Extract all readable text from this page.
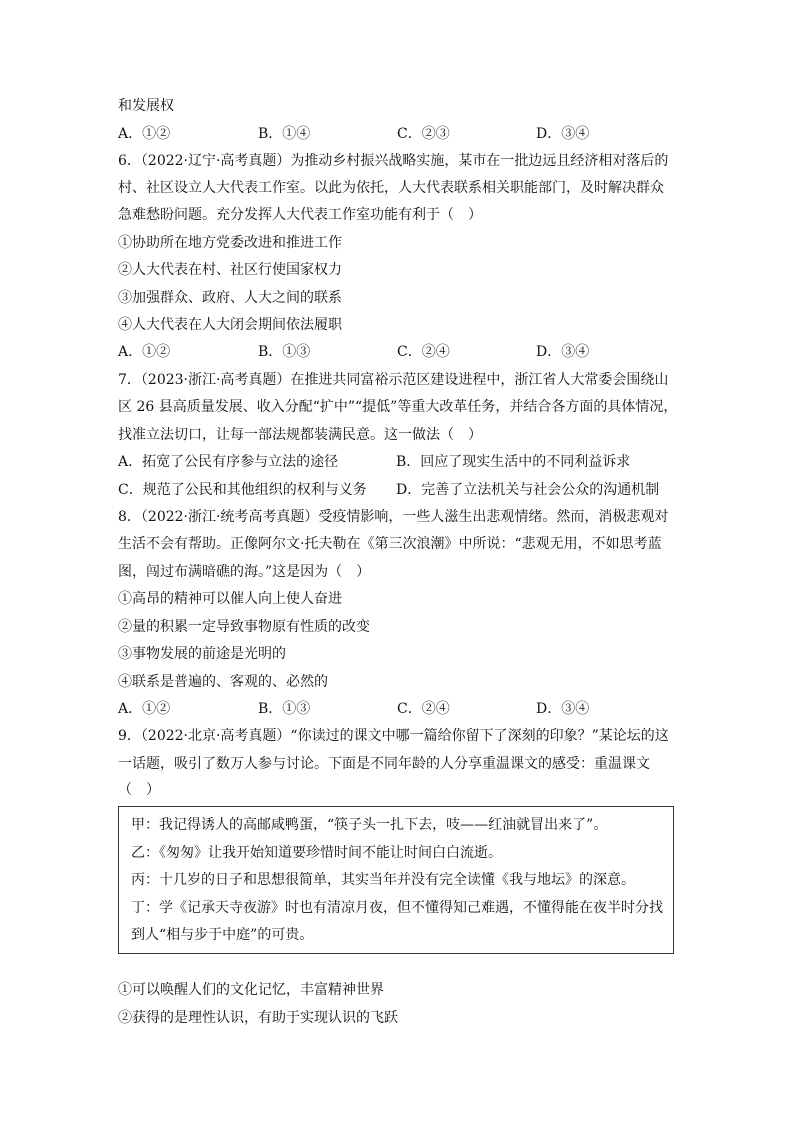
和发展权
A．①②	B．①④	C．②③	D．③④
6．（2022·辽宁·高考真题）为推动乡村振兴战略实施，某市在一批边远且经济相对落后的
村、社区设立人大代表工作室。以此为依托，人大代表联系相关职能部门，及时解决群众
急难愁盼问题。充分发挥人大代表工作室功能有利于（　）
①协助所在地方党委改进和推进工作
②人大代表在村、社区行使国家权力
③加强群众、政府、人大之间的联系
④人大代表在人大闭会期间依法履职
A．①②	B．①③	C．②④	D．③④
7．（2023·浙江·高考真题）在推进共同富裕示范区建设进程中，浙江省人大常委会围绕山
区 26 县高质量发展、收入分配“扩中”“提低”等重大改革任务，并结合各方面的具体情况，
找准立法切口，让每一部法规都装满民意。这一做法（　）
A．拓宽了公民有序参与立法的途径	B．回应了现实生活中的不同利益诉求
C．规范了公民和其他组织的权利与义务 D．完善了立法机关与社会公众的沟通机制
8．（2022·浙江·统考高考真题）受疫情影响，一些人滋生出悲观情绪。然而，消极悲观对
生活不会有帮助。正像阿尔文·托夫勒在《第三次浪潮》中所说：“悲观无用，不如思考蓝
图，闯过布满暗礁的海。”这是因为（　）
①高昂的精神可以催人向上使人奋进
②量的积累一定导致事物原有性质的改变
③事物发展的前途是光明的
④联系是普遍的、客观的、必然的
A．①②	B．①③	C．②④	D．③④
9．（2022·北京·高考真题）“你读过的课文中哪一篇给你留下了深刻的印象？”某论坛的这
一话题，吸引了数万人参与讨论。下面是不同年龄的人分享重温课文的感受：重温课文
（　）
甲：我记得诱人的高邮咸鸭蛋，“筷子头一扎下去，吱——红油就冒出来了”。
乙：《匆匆》让我开始知道要珍惜时间不能让时间白白流逝。
丙：十几岁的日子和思想很简单，其实当年并没有完全读懂《我与地坛》的深意。
丁：学《记承天寺夜游》时也有清凉月夜，但不懂得知己难遇，不懂得能在夜半时分找
到人“相与步于中庭”的可贵。
①可以唤醒人们的文化记忆，丰富精神世界
②获得的是理性认识，有助于实现认识的飞跃
